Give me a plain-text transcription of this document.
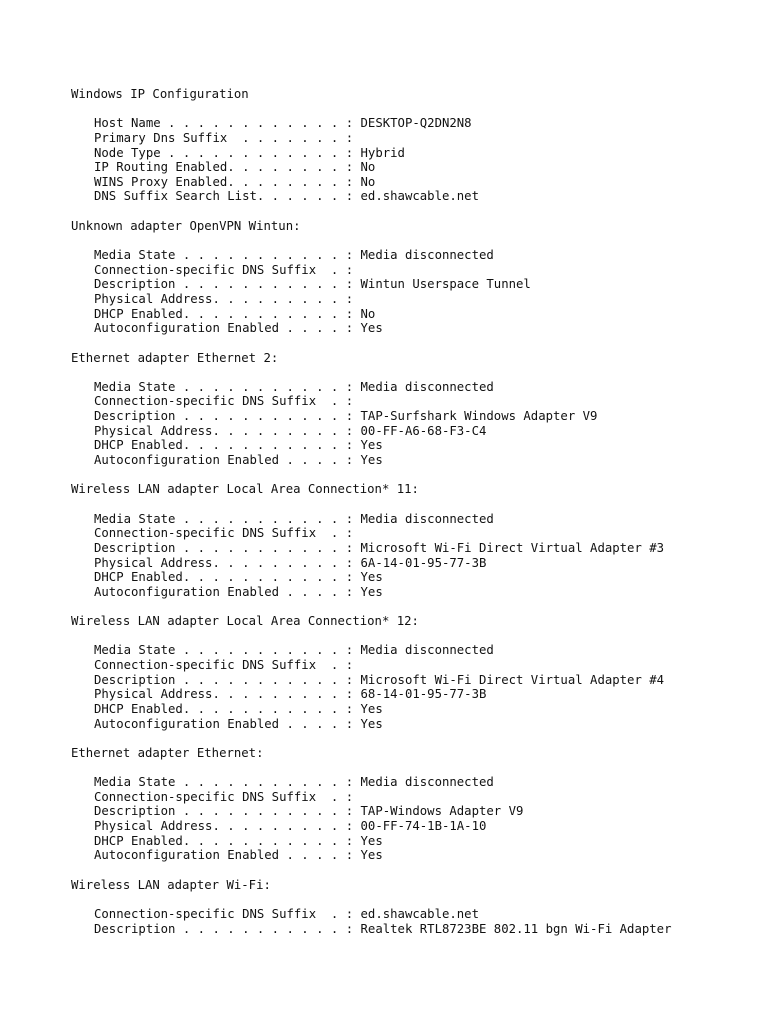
Windows IP Configuration
Host Name . . . . . . . . . . . . : DESKTOP-Q2DN2N8
Primary Dns Suffix  . . . . . . . :
Node Type . . . . . . . . . . . . : Hybrid
IP Routing Enabled. . . . . . . . : No
WINS Proxy Enabled. . . . . . . . : No
DNS Suffix Search List. . . . . . : ed.shawcable.net
Unknown adapter OpenVPN Wintun:
Media State . . . . . . . . . . . : Media disconnected
Connection-specific DNS Suffix  . :
Description . . . . . . . . . . . : Wintun Userspace Tunnel
Physical Address. . . . . . . . . :
DHCP Enabled. . . . . . . . . . . : No
Autoconfiguration Enabled . . . . : Yes
Ethernet adapter Ethernet 2:
Media State . . . . . . . . . . . : Media disconnected
Connection-specific DNS Suffix  . :
Description . . . . . . . . . . . : TAP-Surfshark Windows Adapter V9
Physical Address. . . . . . . . . : 00-FF-A6-68-F3-C4
DHCP Enabled. . . . . . . . . . . : Yes
Autoconfiguration Enabled . . . . : Yes
Wireless LAN adapter Local Area Connection* 11:
Media State . . . . . . . . . . . : Media disconnected
Connection-specific DNS Suffix  . :
Description . . . . . . . . . . . : Microsoft Wi-Fi Direct Virtual Adapter #3
Physical Address. . . . . . . . . : 6A-14-01-95-77-3B
DHCP Enabled. . . . . . . . . . . : Yes
Autoconfiguration Enabled . . . . : Yes
Wireless LAN adapter Local Area Connection* 12:
Media State . . . . . . . . . . . : Media disconnected
Connection-specific DNS Suffix  . :
Description . . . . . . . . . . . : Microsoft Wi-Fi Direct Virtual Adapter #4
Physical Address. . . . . . . . . : 68-14-01-95-77-3B
DHCP Enabled. . . . . . . . . . . : Yes
Autoconfiguration Enabled . . . . : Yes
Ethernet adapter Ethernet:
Media State . . . . . . . . . . . : Media disconnected
Connection-specific DNS Suffix  . :
Description . . . . . . . . . . . : TAP-Windows Adapter V9
Physical Address. . . . . . . . . : 00-FF-74-1B-1A-10
DHCP Enabled. . . . . . . . . . . : Yes
Autoconfiguration Enabled . . . . : Yes
Wireless LAN adapter Wi-Fi:
Connection-specific DNS Suffix  . : ed.shawcable.net
Description . . . . . . . . . . . : Realtek RTL8723BE 802.11 bgn Wi-Fi Adapter
